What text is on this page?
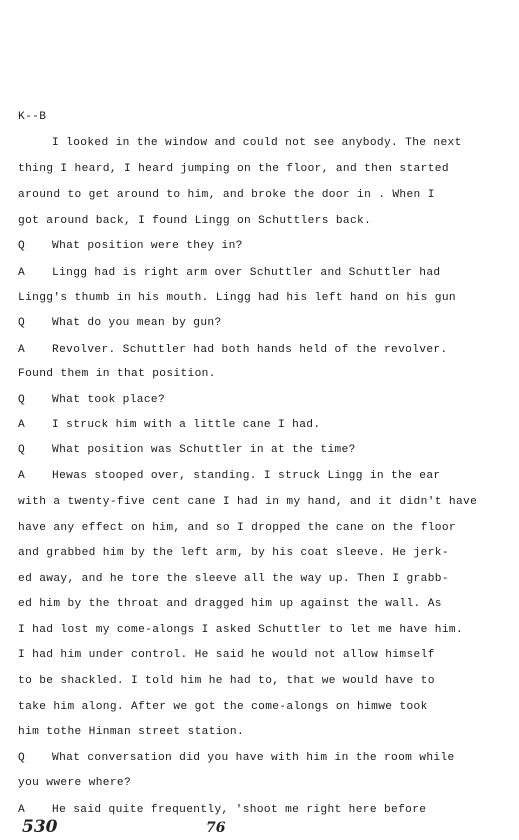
K--B
I looked in the window and could not see anybody. The next
thing I heard, I heard jumping on the floor, and then started
around to get around to him, and broke the door in . When I
got around back, I found Lingg on Schuttlers back.
Q What position were they in?
A Lingg had is right arm over Schuttler and Schuttler had
Lingg's thumb in his mouth. Lingg had his left hand on his gun
Q What do you mean by gun?
A Revolver. Schuttler had both hands held of the revolver.
Found them in that position.
Q What took place?
A I struck him with a little cane I had.
Q What position was Schuttler in at the time?
A Hewas stooped over, standing. I struck Lingg in the ear
with a twenty-five cent cane I had in my hand, and it didn't have
have any effect on him, and so I dropped the cane on the floor
and grabbed him by the left arm, by his coat sleeve. He jerk-
ed away, and he tore the sleeve all the way up. Then I grabb-
ed him by the throat and dragged him up against the wall. As
I had lost my come-alongs I asked Schuttler to let me have him.
I had him under control. He said he would not allow himself
to be shackled. I told him he had to, that we would have to
take him along. After we got the come-alongs on himwe took
him tothe Hinman street station.
Q What conversation did you have with him in the room while
you wwere where?
A He said quite frequently, 'shoot me right here before
530	76
